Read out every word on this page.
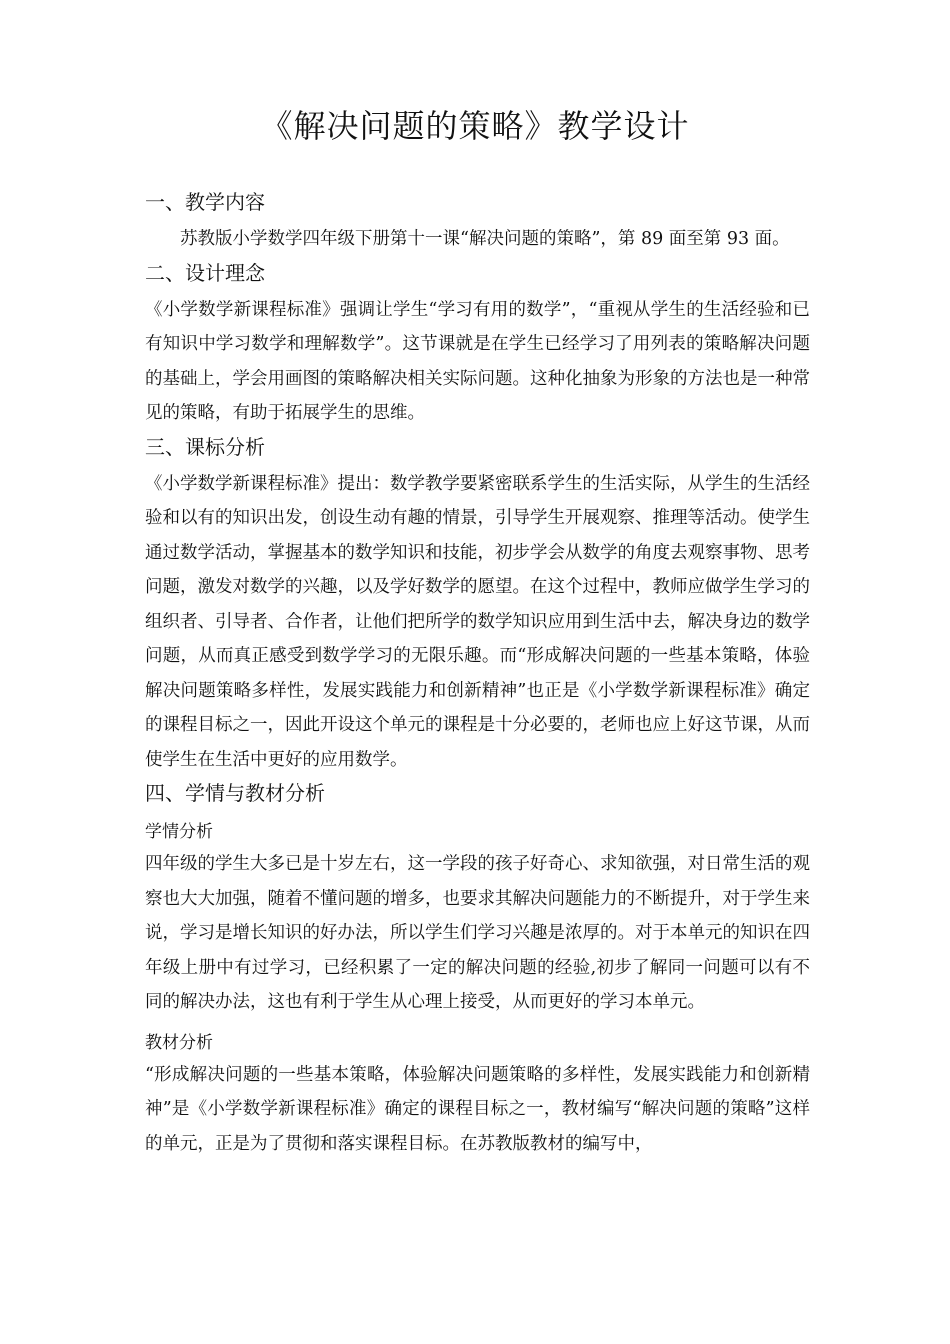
《解决问题的策略》教学设计
一、教学内容

苏教版小学数学四年级下册第十一课“解决问题的策略”，第 89 面至第 93 面。

二、设计理念

《小学数学新课程标准》强调让学生“学习有用的数学”，“重视从学生的生活经验和已有知识中学习数学和理解数学”。这节课就是在学生已经学习了用列表的策略解决问题的基础上，学会用画图的策略解决相关实际问题。这种化抽象为形象的方法也是一种常见的策略，有助于拓展学生的思维。

三、课标分析

《小学数学新课程标准》提出：数学教学要紧密联系学生的生活实际，从学生的生活经验和以有的知识出发，创设生动有趣的情景，引导学生开展观察、推理等活动。使学生通过数学活动，掌握基本的数学知识和技能，初步学会从数学的角度去观察事物、思考问题，激发对数学的兴趣，以及学好数学的愿望。在这个过程中，教师应做学生学习的组织者、引导者、合作者，让他们把所学的数学知识应用到生活中去，解决身边的数学问题，从而真正感受到数学学习的无限乐趣。而“形成解决问题的一些基本策略，体验解决问题策略多样性，发展实践能力和创新精神”也正是《小学数学新课程标准》确定的课程目标之一，因此开设这个单元的课程是十分必要的，老师也应上好这节课，从而使学生在生活中更好的应用数学。

四、学情与教材分析
学情分析

四年级的学生大多已是十岁左右，这一学段的孩子好奇心、求知欲强，对日常生活的观察也大大加强，随着不懂问题的增多，也要求其解决问题能力的不断提升，对于学生来说，学习是增长知识的好办法，所以学生们学习兴趣是浓厚的。对于本单元的知识在四年级上册中有过学习，已经积累了一定的解决问题的经验,初步了解同一问题可以有不同的解决办法，这也有利于学生从心理上接受，从而更好的学习本单元。

教材分析

“形成解决问题的一些基本策略，体验解决问题策略的多样性，发展实践能力和创新精神”是《小学数学新课程标准》确定的课程目标之一，教材编写“解决问题的策略”这样的单元，正是为了贯彻和落实课程目标。在苏教版教材的编写中，
